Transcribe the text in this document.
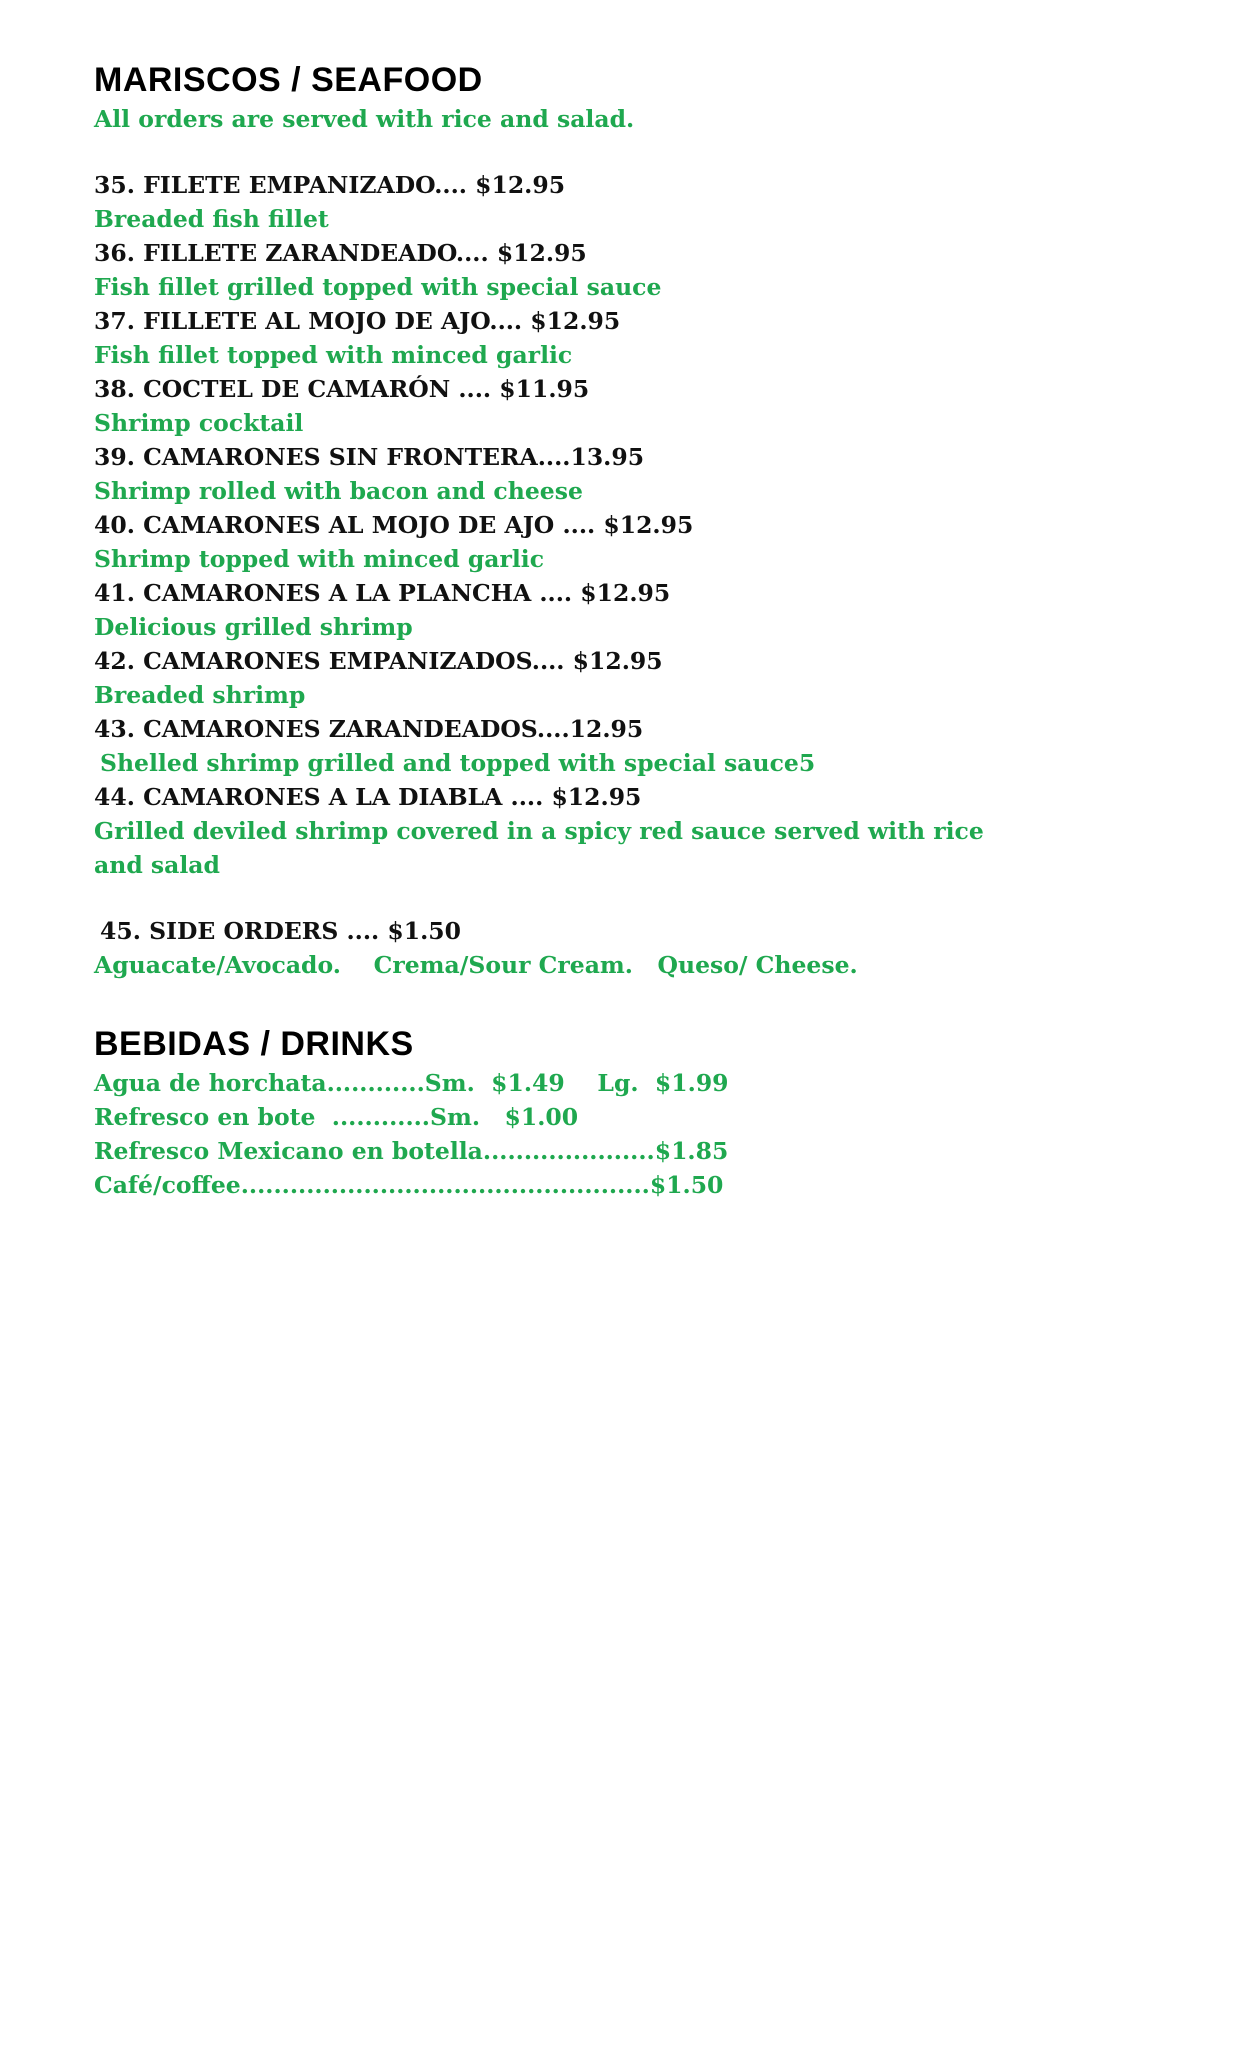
MARISCOS / SEAFOOD

All orders are served with rice and salad.

35. FILETE EMPANIZADO.... $12.95

Breaded fish fillet

36. FILLETE ZARANDEADO.... $12.95

Fish fillet grilled topped with special sauce

37. FILLETE AL MOJO DE AJO.... $12.95

Fish fillet topped with minced garlic

38. COCTEL DE CAMARÓN .... $11.95

Shrimp cocktail

39. CAMARONES SIN FRONTERA....13.95

Shrimp rolled with bacon and cheese

40. CAMARONES AL MOJO DE AJO .... $12.95

Shrimp topped with minced garlic

41. CAMARONES A LA PLANCHA .... $12.95

Delicious grilled shrimp

42. CAMARONES EMPANIZADOS.... $12.95

Breaded shrimp

43. CAMARONES ZARANDEADOS....12.95

Shelled shrimp grilled and topped with special sauce5

44. CAMARONES A LA DIABLA .... $12.95

Grilled deviled shrimp covered in a spicy red sauce served with rice and salad

45. SIDE ORDERS .... $1.50

Aguacate/Avocado.    Crema/Sour Cream.   Queso/ Cheese.

BEBIDAS / DRINKS

Agua de horchata............Sm.  $1.49    Lg.  $1.99

Refresco en bote  ............Sm.   $1.00

Refresco Mexicano en botella.....................$1.85

Café/coffee..................................................$1.50
